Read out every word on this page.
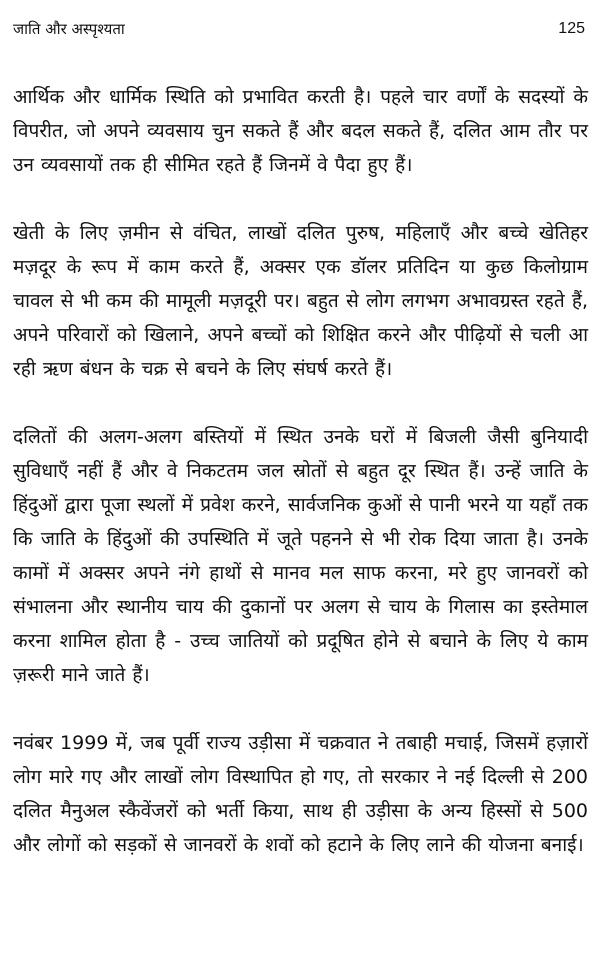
जाति और अस्पृश्यता	125

आर्थिक और धार्मिक स्थिति को प्रभावित करती है। पहले चार वर्णों के सदस्यों के विपरीत, जो अपने व्यवसाय चुन सकते हैं और बदल सकते हैं, दलित आम तौर पर उन व्यवसायों तक ही सीमित रहते हैं जिनमें वे पैदा हुए हैं।

खेती के लिए ज़मीन से वंचित, लाखों दलित पुरुष, महिलाएँ और बच्चे खेतिहर मज़दूर के रूप में काम करते हैं, अक्सर एक डॉलर प्रतिदिन या कुछ किलोग्राम चावल से भी कम की मामूली मज़दूरी पर। बहुत से लोग लगभग अभावग्रस्त रहते हैं, अपने परिवारों को खिलाने, अपने बच्चों को शिक्षित करने और पीढ़ियों से चली आ रही ऋण बंधन के चक्र से बचने के लिए संघर्ष करते हैं।

दलितों की अलग-अलग बस्तियों में स्थित उनके घरों में बिजली जैसी बुनियादी सुविधाएँ नहीं हैं और वे निकटतम जल स्रोतों से बहुत दूर स्थित हैं। उन्हें जाति के हिंदुओं द्वारा पूजा स्थलों में प्रवेश करने, सार्वजनिक कुओं से पानी भरने या यहाँ तक कि जाति के हिंदुओं की उपस्थिति में जूते पहनने से भी रोक दिया जाता है। उनके कामों में अक्सर अपने नंगे हाथों से मानव मल साफ करना, मरे हुए जानवरों को संभालना और स्थानीय चाय की दुकानों पर अलग से चाय के गिलास का इस्तेमाल करना शामिल होता है - उच्च जातियों को प्रदूषित होने से बचाने के लिए ये काम ज़रूरी माने जाते हैं।

नवंबर 1999 में, जब पूर्वी राज्य उड़ीसा में चक्रवात ने तबाही मचाई, जिसमें हज़ारों लोग मारे गए और लाखों लोग विस्थापित हो गए, तो सरकार ने नई दिल्ली से 200 दलित मैनुअल स्कैवेंजरों को भर्ती किया, साथ ही उड़ीसा के अन्य हिस्सों से 500 और लोगों को सड़कों से जानवरों के शवों को हटाने के लिए लाने की योजना बनाई।
